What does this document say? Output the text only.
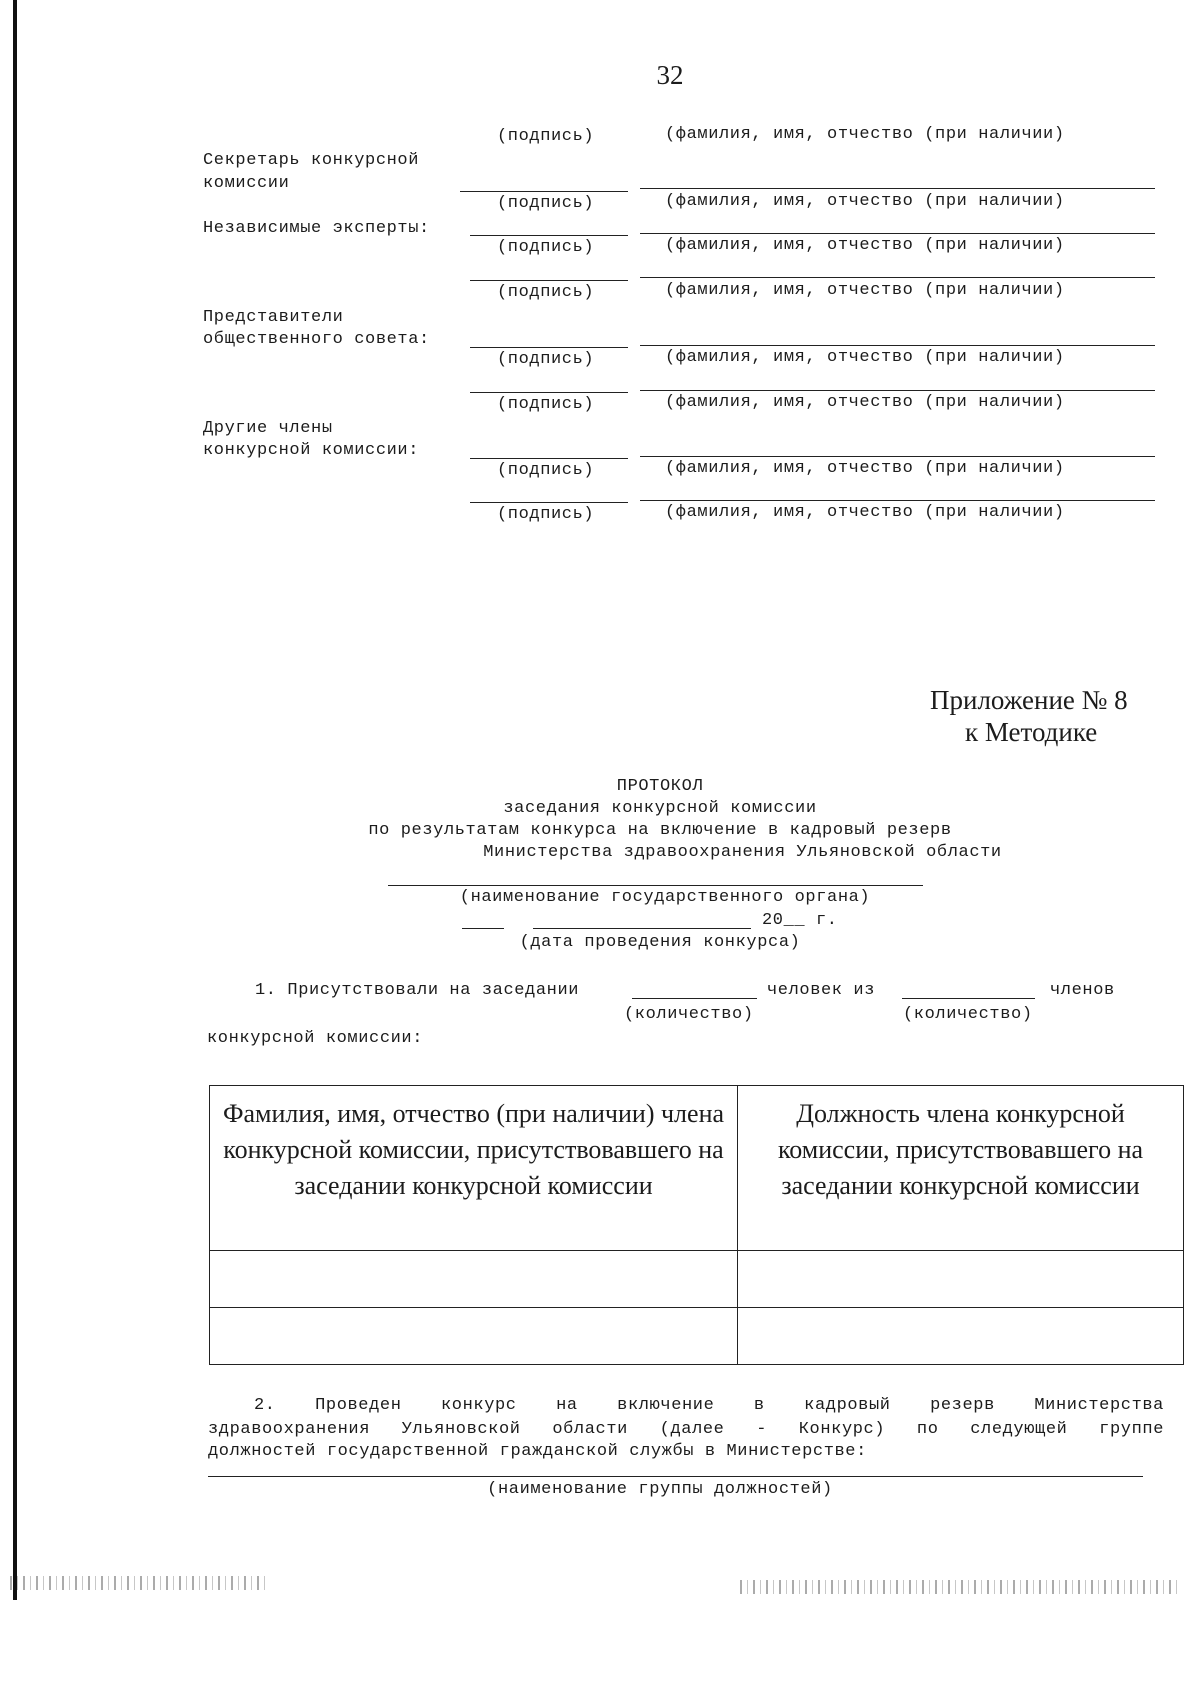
32
(подпись)	(фамилия, имя, отчество (при наличии)
Секретарь конкурсной
комиссии
(подпись)	(фамилия, имя, отчество (при наличии)
Независимые эксперты:
(подпись)	(фамилия, имя, отчество (при наличии)
(подпись)	(фамилия, имя, отчество (при наличии)
Представители
общественного совета:
(подпись)	(фамилия, имя, отчество (при наличии)
(подпись)	(фамилия, имя, отчество (при наличии)
Другие члены
конкурсной комиссии:
(подпись)	(фамилия, имя, отчество (при наличии)
(подпись)	(фамилия, имя, отчество (при наличии)
Приложение № 8
к Методике
ПРОТОКОЛ
заседания конкурсной комиссии
по результатам конкурса на включение в кадровый резерв
Министерства здравоохранения Ульяновской области
(наименование государственного органа)
20__ г.
(дата проведения конкурса)
1. Присутствовали на заседании	человек из	членов
(количество)	(количество)
конкурсной комиссии:
Фамилия, имя, отчество (при наличии) члена конкурсной комиссии, присутствовавшего на заседании конкурсной комиссии	Должность члена конкурсной комиссии, присутствовавшего на заседании конкурсной комиссии

2. Проведен конкурс на включение в кадровый резерв Министерства
здравоохранения Ульяновской области (далее - Конкурс) по следующей группе
должностей государственной гражданской службы в Министерстве:
(наименование группы должностей)
